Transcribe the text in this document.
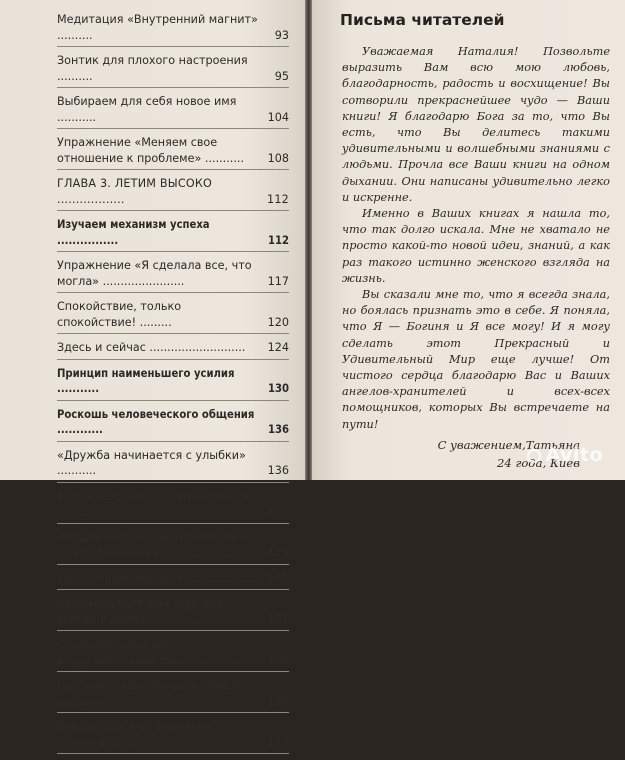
Медитация «Внутренний магнит» ..........	93
Зонтик для плохого настроения ..........	95
Выбираем для себя новое имя ...........	104
Упражнение «Меняем свое отношение к проблеме» ...........	108
ГЛАВА 3. ЛЕТИМ ВЫСОКО ..................	112
Изучаем механизм успеха ................	112
Упражнение «Я сделала все, что могла» .......................	117
Спокойствие, только спокойствие! .........	120
Здесь и сейчас ...........................	124
Принцип наименьшего усилия ...........	130
Роскошь человеческого общения ............	136
«Дружба начинается с улыбки» ...........	136
Упражнение «Учимся улыбаться» ..........	137
Лучшее проявление внимания — имя собеседника ....................	139
Ты — отражение мое ..................... 145
Рекомендации фэн-шуй для успеха в делах .............	152
Созидательная Ци и разрушительная Ша ...................... 153
Призовите на помощь «тайных друзей» ........................	155
Как спастись от Великого Герцога .........	157
Письма читателей

Уважаемая Наталия! Позвольте выразить Вам всю мою любовь, благодарность, радость и восхищение! Вы сотворили прекраснейшее чудо — Ваши книги! Я благодарю Бога за то, что Вы есть, что Вы делитесь такими удивительными и волшебными знаниями с людьми. Прочла все Ваши книги на одном дыхании. Они написаны удивительно легко и искренне.

Именно в Ваших книгах я нашла то, что так долго искала. Мне не хватало не просто какой-то новой идеи, знаний, а как раз такого истинно женского взгляда на жизнь.

Вы сказали мне то, что я всегда знала, но боялась признать это в себе. Я поняла, что Я — Богиня и Я все могу! И я могу сделать этот Прекрасный и Удивительный Мир еще лучше! От чистого сердца благодарю Вас и Ваших ангелов-хранителей и всех-всех помощников, которых Вы встречаете на пути!

С уважением,Татьяна
24 года, Киев
Avito
